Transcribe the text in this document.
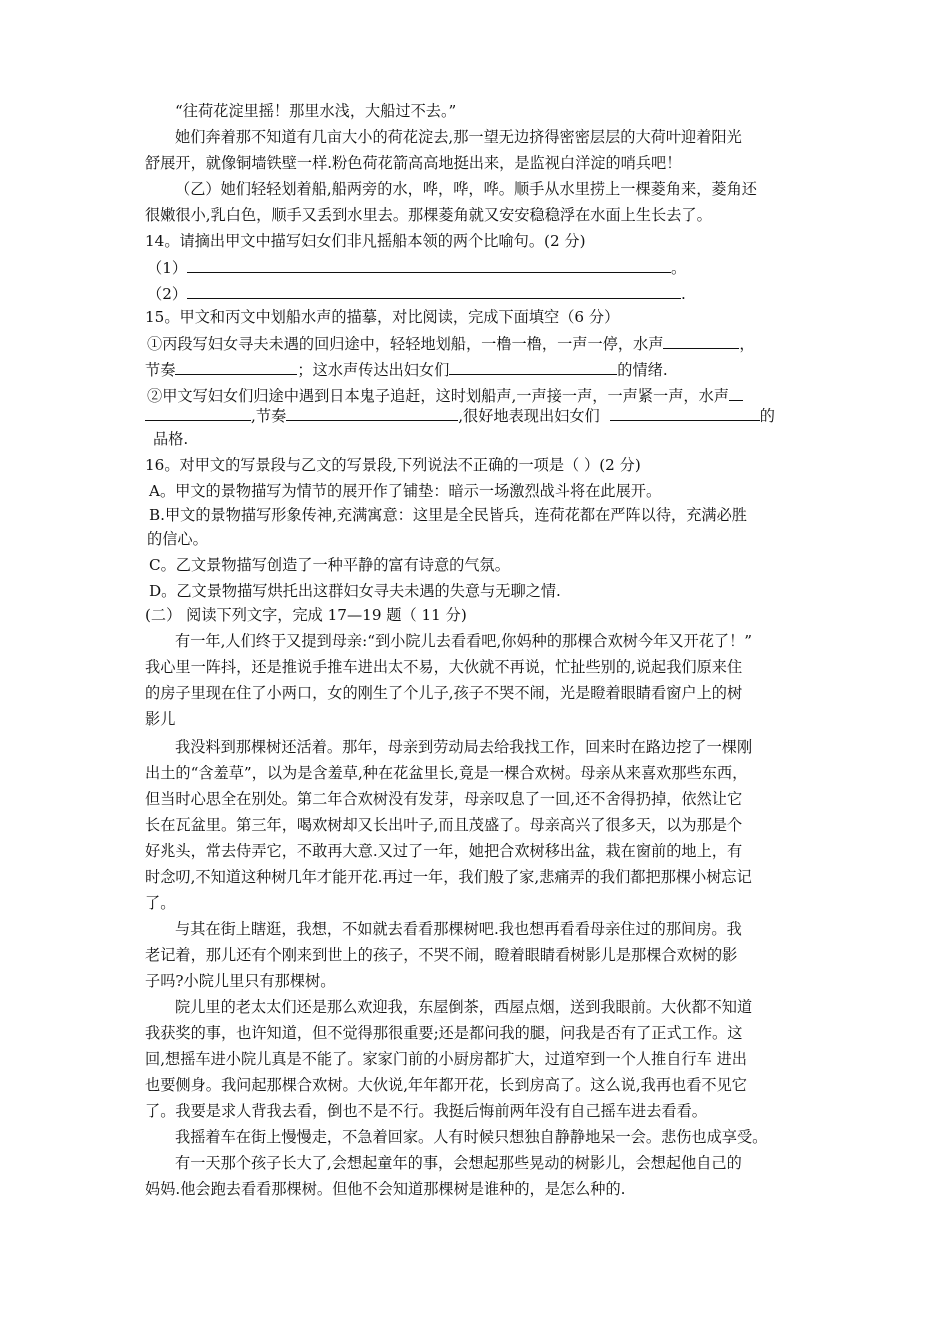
“往荷花淀里摇！那里水浅，大船过不去。”
她们奔着那不知道有几亩大小的荷花淀去,那一望无边挤得密密层层的大荷叶迎着阳光
舒展开，就像铜墙铁壁一样.粉色荷花箭高高地挺出来，是监视白洋淀的哨兵吧！
（乙）她们轻轻划着船,船两旁的水，哗，哗，哗。顺手从水里捞上一棵菱角来，菱角还
很嫩很小,乳白色，顺手又丢到水里去。那棵菱角就又安安稳稳浮在水面上生长去了。
14。请摘出甲文中描写妇女们非凡摇船本领的两个比喻句。(2 分)
（1）	。
（2）	.
15。甲文和丙文中划船水声的描摹，对比阅读，完成下面填空（6 分）
①丙段写妇女寻夫未遇的回归途中，轻轻地划船，一橹一橹，一声一停，水声	，
节奏	；这水声传达出妇女们	的情绪.
②甲文写妇女们归途中遇到日本鬼子追赶，这时划船声,一声接一声，一声紧一声，水声
,节奏	,很好地表现出妇女们	的
品格.
16。对甲文的写景段与乙文的写景段,下列说法不正确的一项是（ ）(2 分)
A。甲文的景物描写为情节的展开作了铺垫：暗示一场激烈战斗将在此展开。
B.甲文的景物描写形象传神,充满寓意：这里是全民皆兵，连荷花都在严阵以待，充满必胜
的信心。
C。乙文景物描写创造了一种平静的富有诗意的气氛。
D。乙文景物描写烘托出这群妇女寻夫未遇的失意与无聊之情.
(二） 阅读下列文字，完成 17—19 题（ 11 分)
有一年,人们终于又提到母亲:“到小院儿去看看吧,你妈种的那棵合欢树今年又开花了！”
我心里一阵抖，还是推说手推车进出太不易，大伙就不再说，忙扯些别的,说起我们原来住
的房子里现在住了小两口，女的刚生了个儿子,孩子不哭不闹，光是瞪着眼睛看窗户上的树
影儿
我没料到那棵树还活着。那年，母亲到劳动局去给我找工作，回来时在路边挖了一棵刚
出土的“含羞草”，以为是含羞草,种在花盆里长,竟是一棵合欢树。母亲从来喜欢那些东西，
但当时心思全在别处。第二年合欢树没有发芽，母亲叹息了一回,还不舍得扔掉，依然让它
长在瓦盆里。第三年，喝欢树却又长出叶子,而且茂盛了。母亲高兴了很多天，以为那是个
好兆头，常去侍弄它，不敢再大意.又过了一年，她把合欢树移出盆，栽在窗前的地上，有
时念叨,不知道这种树几年才能开花.再过一年，我们般了家,悲痛弄的我们都把那棵小树忘记
了。
与其在街上瞎逛，我想，不如就去看看那棵树吧.我也想再看看母亲住过的那间房。我
老记着，那儿还有个刚来到世上的孩子，不哭不闹，瞪着眼睛看树影儿是那棵合欢树的影
子吗?小院儿里只有那棵树。
院儿里的老太太们还是那么欢迎我，东屋倒茶，西屋点烟，送到我眼前。大伙都不知道
我获奖的事，也许知道，但不觉得那很重要;还是都问我的腿，问我是否有了正式工作。这
回,想摇车进小院儿真是不能了。家家门前的小厨房都扩大，过道窄到一个人推自行车 进出
也要侧身。我问起那棵合欢树。大伙说,年年都开花，长到房高了。这么说,我再也看不见它
了。我要是求人背我去看，倒也不是不行。我挺后悔前两年没有自己摇车进去看看。
我摇着车在街上慢慢走，不急着回家。人有时候只想独自静静地呆一会。悲伤也成享受。
有一天那个孩子长大了,会想起童年的事，会想起那些晃动的树影儿，会想起他自己的
妈妈.他会跑去看看那棵树。但他不会知道那棵树是谁种的，是怎么种的.
